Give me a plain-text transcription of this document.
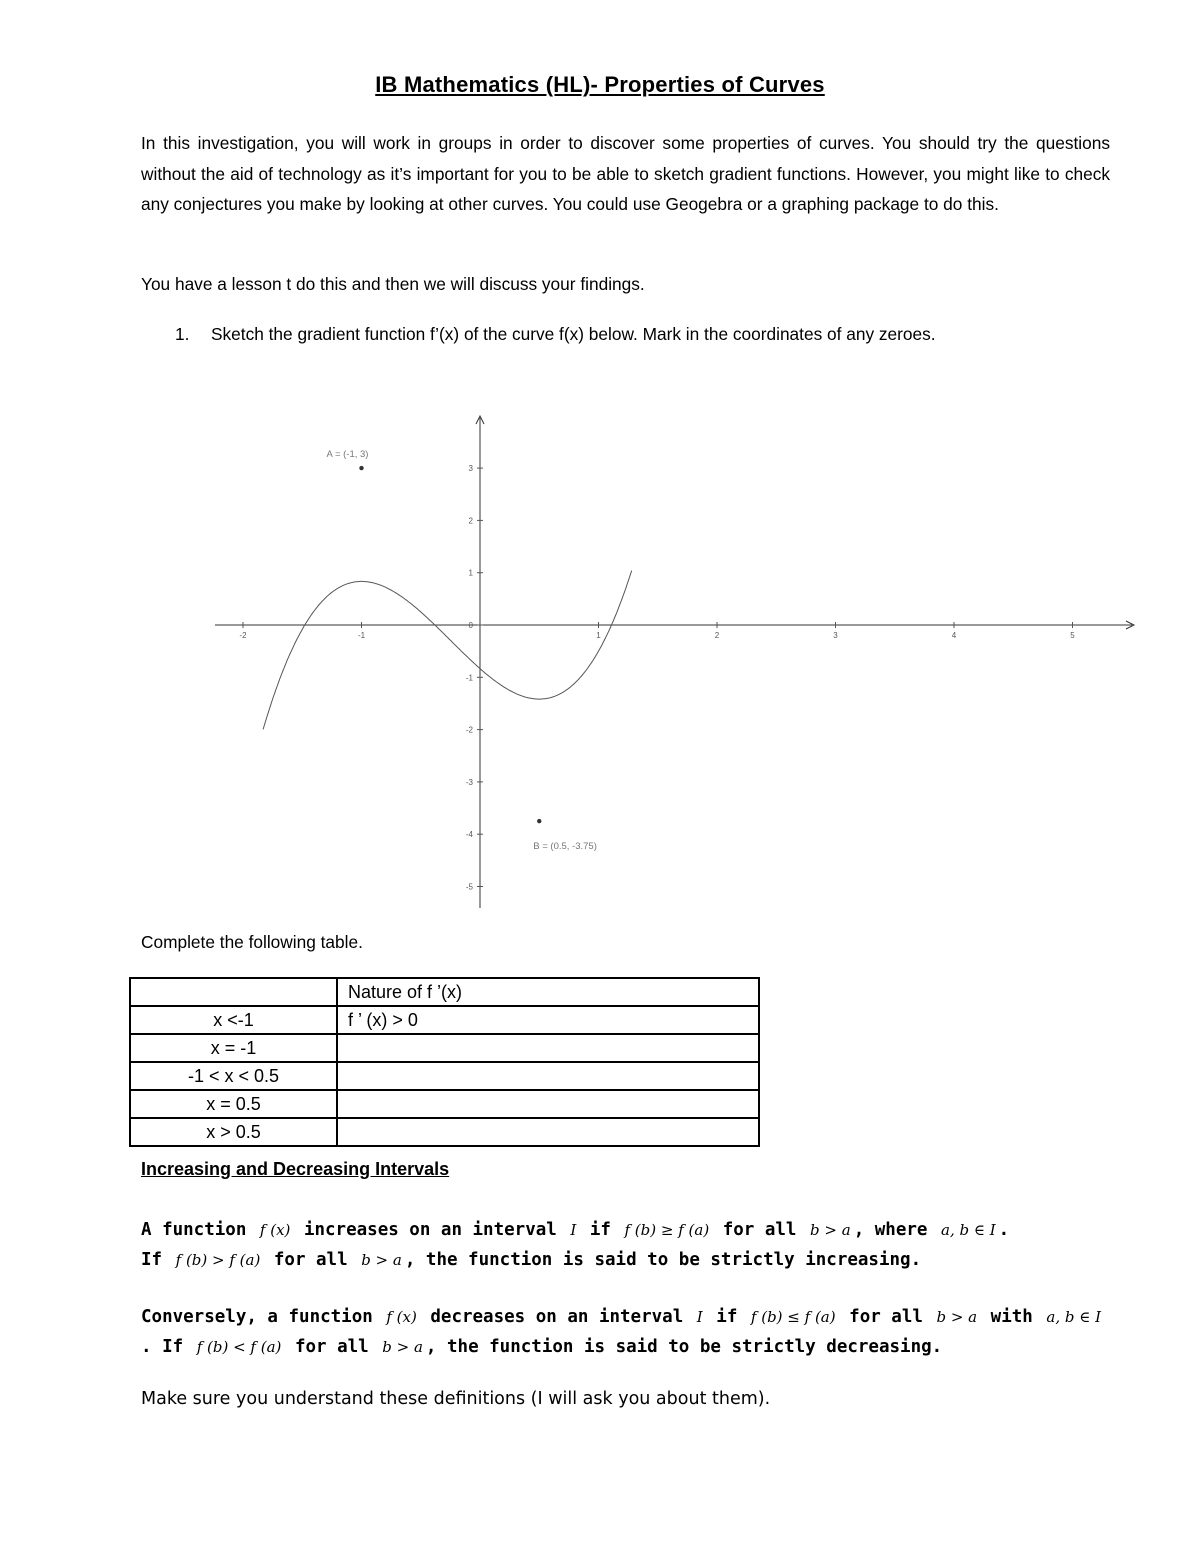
IB Mathematics (HL)- Properties of Curves

In this investigation, you will work in groups in order to discover some properties of curves. You should try the questions without the aid of technology as it’s important for you to be able to sketch gradient functions. However, you might like to check any conjectures you make by looking at other curves. You could use Geogebra or a graphing package to do this.

You have a lesson t do this and then we will discuss your findings.

1. Sketch the gradient function f’(x) of the curve f(x) below. Mark in the coordinates of any zeroes.

-2	-1	1	2	3	4	5
3
2
1
0
-1
-2
-3
-4
-5
A = (-1, 3)
B = (0.5, -3.75)

Complete the following table.

	Nature of f ’(x)
x <-1	f ’ (x) > 0
x = -1	
-1 < x < 0.5	
x = 0.5	
x > 0.5	
Increasing and Decreasing Intervals

A function f (x) increases on an interval I if f (b) ≥ f (a) for all b > a , where a, b ∈ I .
If f (b) > f (a) for all b > a , the function is said to be strictly increasing.

Conversely, a function f (x) decreases on an interval I if f (b) ≤ f (a) for all b > a with a, b ∈ I
. If f (b) < f (a) for all b > a , the function is said to be strictly decreasing.

Make sure you understand these definitions (I will ask you about them).
